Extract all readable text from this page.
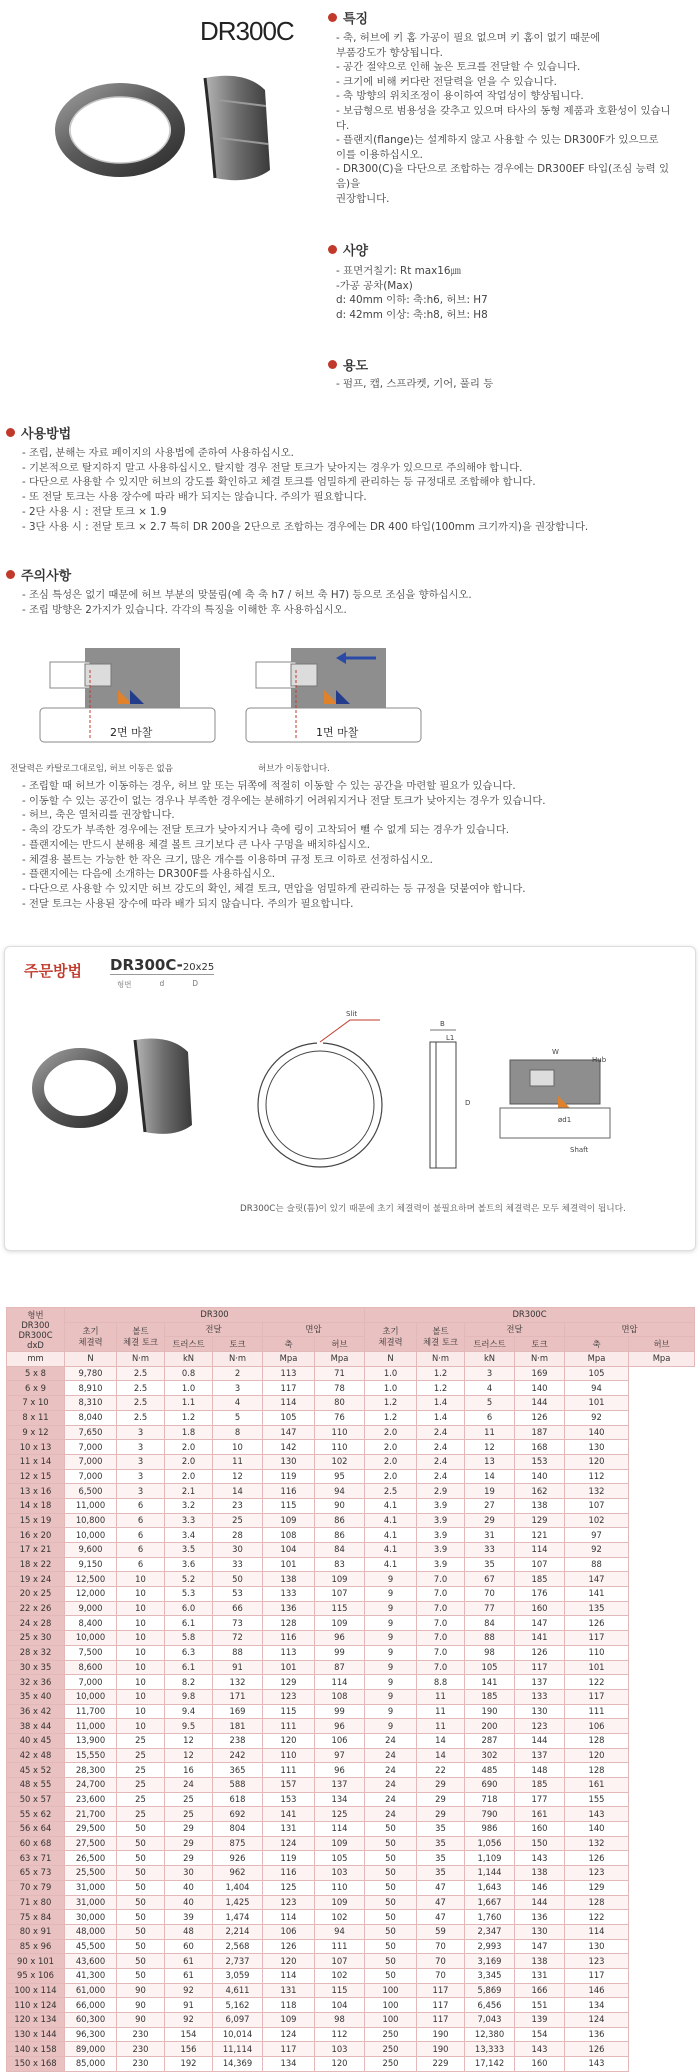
DR300C	특징
- 축, 허브에 키 홈 가공이 필요 없으며 키 홈이 없기 때문에
부품강도가 향상됩니다.
- 공간 절약으로 인해 높은 토크를 전달할 수 있습니다.
- 크기에 비해 커다란 전달력을 얻을 수 있습니다.
- 축 방향의 위치조정이 용이하여 작업성이 향상됩니다.
- 보급형으로 범용성을 갖추고 있으며 타사의 동형 제품과 호환성이 있습니
다.
- 플랜지(flange)는 설계하지 않고 사용할 수 있는 DR300F가 있으므로
이를 이용하십시오.
- DR300(C)을 다단으로 조합하는 경우에는 DR300EF 타입(조심 능력 있
음)을
권장합니다.
사양
- 표면거칠기: Rt max16㎛
-가공 공차(Max)
d: 40mm 이하: 축:h6, 허브: H7
d: 42mm 이상: 축:h8, 허브: H8
용도
- 펌프, 캡, 스프라켓, 기어, 풀리 등
사용방법
- 조립, 분해는 자료 페이지의 사용법에 준하여 사용하십시오.
- 기본적으로 탈지하지 말고 사용하십시오. 탈지할 경우 전달 토크가 낮아지는 경우가 있으므로 주의해야 합니다.
- 다단으로 사용할 수 있지만 허브의 강도를 확인하고 체결 토크를 엄밀하게 관리하는 등 규정대로 조합해야 합니다.
- 또 전달 토크는 사용 장수에 따라 배가 되지는 않습니다. 주의가 필요합니다.
- 2단 사용 시 : 전달 토크 × 1.9
- 3단 사용 시 : 전달 토크 × 2.7 특히 DR 200을 2단으로 조합하는 경우에는 DR 400 타입(100mm 크기까지)을 권장합니다.
주의사항
- 조심 특성은 없기 때문에 허브 부분의 맞물림(예 축 축 h7 / 허브 축 H7) 등으로 조심을 향하십시오.
- 조립 방향은 2가지가 있습니다. 각각의 특징을 이해한 후 사용하십시오.
2면 마찰	1면 마찰
전달력은 카탈로그대로임, 허브 이동은 없음	허브가 이동합니다.
- 조립할 때 허브가 이동하는 경우, 허브 앞 또는 뒤쪽에 적절히 이동할 수 있는 공간을 마련할 필요가 있습니다.
- 이동할 수 있는 공간이 없는 경우나 부족한 경우에는 분해하기 어려워지거나 전달 토크가 낮아지는 경우가 있습니다.
- 허브, 축은 열처리를 권장합니다.
- 축의 강도가 부족한 경우에는 전달 토크가 낮아지거나 축에 링이 고착되어 뺄 수 없게 되는 경우가 있습니다.
- 플랜지에는 반드시 분해용 체결 볼트 크기보다 큰 나사 구멍을 배치하십시오.
- 체결용 볼트는 가능한 한 작은 크기, 많은 개수를 이용하며 규정 토크 이하로 선정하십시오.
- 플랜지에는 다음에 소개하는 DR300F를 사용하십시오.
- 다단으로 사용할 수 있지만 허브 강도의 확인, 체결 토크, 면압을 엄밀하게 관리하는 등 규정을 덧붙여야 합니다.
- 전달 토크는 사용된 장수에 따라 배가 되지 않습니다. 주의가 필요합니다.
주문방법 DR300C-20x25
형번	d	D
Slit
B
L1
D
Hub
Shaft
W
ød1
DR300C는 슬릿(틈)이 있기 때문에 초기 체결력이 불필요하며 볼트의 체결력은 모두 체결력이 됩니다.
형번
DR300
DR300C
dxD	DR300						DR300C					
	초기
체결력	볼트
체결 토크	전달		면압		초기
체결력	볼트
체결 토크	전달		면압	
			트러스트	토크	축	허브			트러스트	토크	축	허브
mm	N	N·m	kN	N·m	Mpa	Mpa	N	N·m	kN	N·m	Mpa	Mpa
5 x 8	9,780	2.5	0.8	2	113	71	1.0	1.2	3	169	105	
6 x 9	8,910	2.5	1.0	3	117	78	1.0	1.2	4	140	94	
7 x 10	8,310	2.5	1.1	4	114	80	1.2	1.4	5	144	101	
8 x 11	8,040	2.5	1.2	5	105	76	1.2	1.4	6	126	92	
9 x 12	7,650	3	1.8	8	147	110	2.0	2.4	11	187	140	
10 x 13	7,000	3	2.0	10	142	110	2.0	2.4	12	168	130	
11 x 14	7,000	3	2.0	11	130	102	2.0	2.4	13	153	120	
12 x 15	7,000	3	2.0	12	119	95	2.0	2.4	14	140	112	
13 x 16	6,500	3	2.1	14	116	94	2.5	2.9	19	162	132	
14 x 18	11,000	6	3.2	23	115	90	4.1	3.9	27	138	107	
15 x 19	10,800	6	3.3	25	109	86	4.1	3.9	29	129	102	
16 x 20	10,000	6	3.4	28	108	86	4.1	3.9	31	121	97	
17 x 21	9,600	6	3.5	30	104	84	4.1	3.9	33	114	92	
18 x 22	9,150	6	3.6	33	101	83	4.1	3.9	35	107	88	
19 x 24	12,500	10	5.2	50	138	109	9	7.0	67	185	147	
20 x 25	12,000	10	5.3	53	133	107	9	7.0	70	176	141	
22 x 26	9,000	10	6.0	66	136	115	9	7.0	77	160	135	
24 x 28	8,400	10	6.1	73	128	109	9	7.0	84	147	126	
25 x 30	10,000	10	5.8	72	116	96	9	7.0	88	141	117	
28 x 32	7,500	10	6.3	88	113	99	9	7.0	98	126	110	
30 x 35	8,600	10	6.1	91	101	87	9	7.0	105	117	101	
32 x 36	7,000	10	8.2	132	129	114	9	8.8	141	137	122	
35 x 40	10,000	10	9.8	171	123	108	9	11	185	133	117	
36 x 42	11,700	10	9.4	169	115	99	9	11	190	130	111	
38 x 44	11,000	10	9.5	181	111	96	9	11	200	123	106	
40 x 45	13,900	25	12	238	120	106	24	14	287	144	128	
42 x 48	15,550	25	12	242	110	97	24	14	302	137	120	
45 x 52	28,300	25	16	365	111	96	24	22	485	148	128	
48 x 55	24,700	25	24	588	157	137	24	29	690	185	161	
50 x 57	23,600	25	25	618	153	134	24	29	718	177	155	
55 x 62	21,700	25	25	692	141	125	24	29	790	161	143	
56 x 64	29,500	50	29	804	131	114	50	35	986	160	140	
60 x 68	27,500	50	29	875	124	109	50	35	1,056	150	132	
63 x 71	26,500	50	29	926	119	105	50	35	1,109	143	126	
65 x 73	25,500	50	30	962	116	103	50	35	1,144	138	123	
70 x 79	31,000	50	40	1,404	125	110	50	47	1,643	146	129	
71 x 80	31,000	50	40	1,425	123	109	50	47	1,667	144	128	
75 x 84	30,000	50	39	1,474	114	102	50	47	1,760	136	122	
80 x 91	48,000	50	48	2,214	106	94	50	59	2,347	130	114	
85 x 96	45,500	50	60	2,568	126	111	50	70	2,993	147	130	
90 x 101	43,600	50	61	2,737	120	107	50	70	3,169	138	123	
95 x 106	41,300	50	61	3,059	114	102	50	70	3,345	131	117	
100 x 114	61,000	90	92	4,611	131	115	100	117	5,869	166	146	
110 x 124	66,000	90	91	5,162	118	104	100	117	6,456	151	134	
120 x 134	60,300	90	92	6,097	109	98	100	117	7,043	139	124	
130 x 144	96,300	230	154	10,014	124	112	250	190	12,380	154	136	
140 x 158	89,000	230	156	11,114	117	103	250	190	13,333	143	126	
150 x 168	85,000	230	192	14,369	134	120	250	229	17,142	160	143	
